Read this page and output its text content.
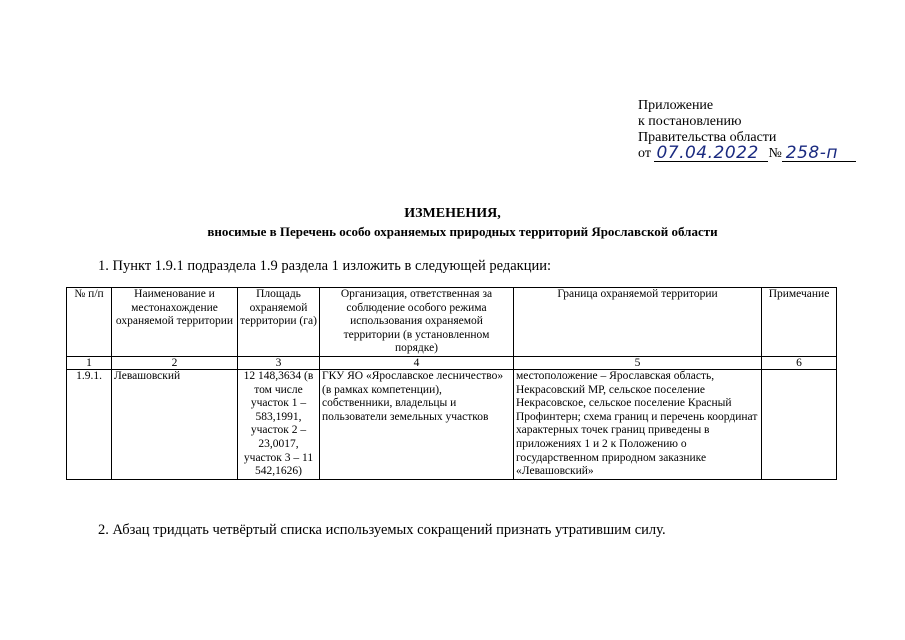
Приложение
к постановлению
Правительства области
от
07.04.2022 № 258-п
ИЗМЕНЕНИЯ,
вносимые в Перечень особо охраняемых природных территорий Ярославской области
1. Пункт 1.9.1 подраздела 1.9 раздела 1 изложить в следующей редакции:
№ п/п	Наименование и местонахождение охраняемой территории	Площадь охраняемой территории (га)	Организация, ответственная за соблюдение особого режима использования охраняемой территории (в установленном порядке)	Граница охраняемой территории	Примечание
1	2	3	4	5	6
1.9.1.	Левашовский	12 148,3634 (в том числе участок 1 – 583,1991, участок 2 – 23,0017, участок 3 – 11 542,1626)	ГКУ ЯО «Ярославское лесничество» (в рамках компетенции), собственники, владельцы и пользователи земельных участков	местоположение – Ярославская область, Некрасовский МР, сельское поселение Некрасовское, сельское поселение Красный Профинтерн; схема границ и перечень координат характерных точек границ приведены в приложениях 1 и 2 к Положению о государственном природном заказнике «Левашовский»	
2. Абзац тридцать четвёртый списка используемых сокращений признать утратившим силу.
